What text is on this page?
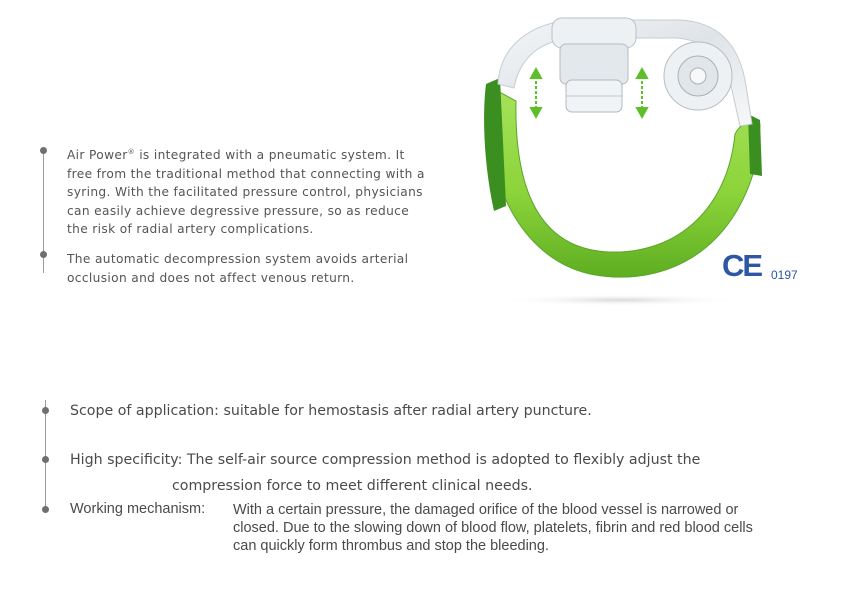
Air Power® is integrated with a pneumatic system. It free from the traditional method that connecting with a syring. With the facilitated pressure control, physicians can easily achieve degressive pressure, so as reduce the risk of radial artery complications.

The automatic decompression system avoids arterial occlusion and does not affect venous return.	CE 0197

Scope of application: suitable for hemostasis after radial artery puncture.

High specificity: The self-air source compression method is adopted to flexibly adjust the

compression force to meet different clinical needs.

Working mechanism: With a certain pressure, the damaged orifice of the blood vessel is narrowed or closed. Due to the slowing down of blood flow, platelets, fibrin and red blood cells can quickly form thrombus and stop the bleeding.
